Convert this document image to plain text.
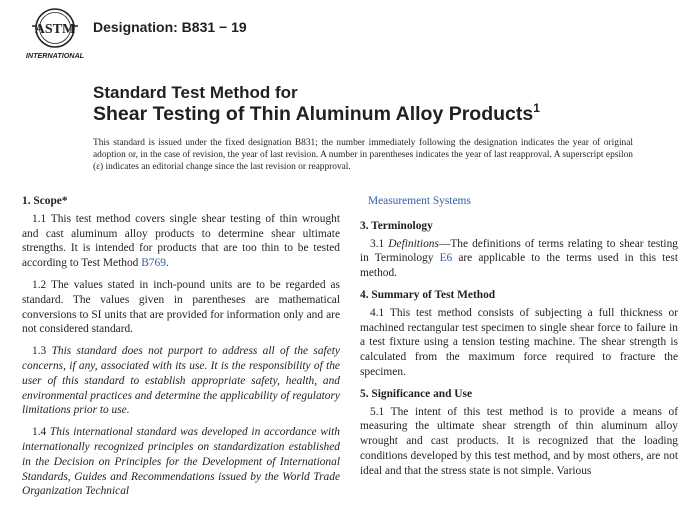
ASTM
INTERNATIONAL
Designation: B831 − 19
Standard Test Method for
Shear Testing of Thin Aluminum Alloy Products$^1$
This standard is issued under the fixed designation B831; the number immediately following the designation indicates the year of original adoption or, in the case of revision, the year of last revision. A number in parentheses indicates the year of last reapproval. A superscript epsilon (ε) indicates an editorial change since the last revision or reapproval.
1. Scope*

1.1 This test method covers single shear testing of thin wrought and cast aluminum alloy products to determine shear ultimate strengths. It is intended for products that are too thin to be tested according to Test Method B769.

1.2 The values stated in inch-pound units are to be regarded as standard. The values given in parentheses are mathematical conversions to SI units that are provided for information only and are not considered standard.

1.3 This standard does not purport to address all of the safety concerns, if any, associated with its use. It is the responsibility of the user of this standard to establish appropriate safety, health, and environmental practices and determine the applicability of regulatory limitations prior to use.

1.4 This international standard was developed in accordance with internationally recognized principles on standardization established in the Decision on Principles for the Development of International Standards, Guides and Recommendations issued by the World Trade Organization Technical

Measurement Systems

3. Terminology

3.1 Definitions—The definitions of terms relating to shear testing in Terminology E6 are applicable to the terms used in this test method.

4. Summary of Test Method

4.1 This test method consists of subjecting a full thickness or machined rectangular test specimen to single shear force to failure in a test fixture using a tension testing machine. The shear strength is calculated from the maximum force required to fracture the specimen.

5. Significance and Use

5.1 The intent of this test method is to provide a means of measuring the ultimate shear strength of thin aluminum alloy wrought and cast products. It is recognized that the loading conditions developed by this test method, and by most others, are not ideal and that the stress state is not simple. Various
